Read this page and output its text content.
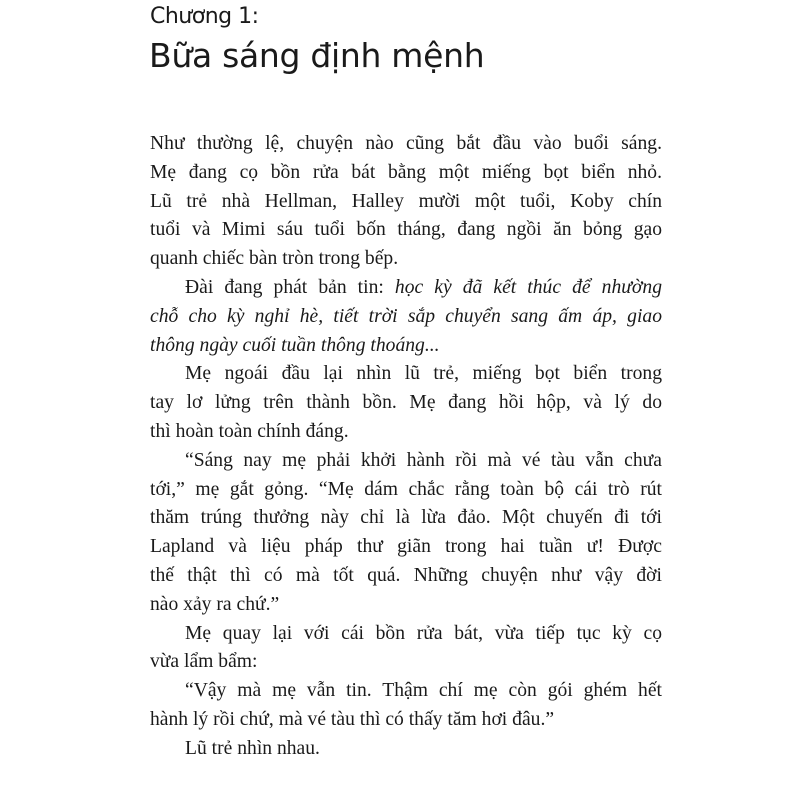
Chương 1:
Bữa sáng định mệnh
Như thường lệ, chuyện nào cũng bắt đầu vào buổi sáng.
Mẹ đang cọ bồn rửa bát bằng một miếng bọt biển nhỏ.
Lũ trẻ nhà Hellman, Halley mười một tuổi, Koby chín
tuổi và Mimi sáu tuổi bốn tháng, đang ngồi ăn bỏng gạo
quanh chiếc bàn tròn trong bếp.
Đài đang phát bản tin: học kỳ đã kết thúc để nhường
chỗ cho kỳ nghỉ hè, tiết trời sắp chuyển sang ấm áp, giao
thông ngày cuối tuần thông thoáng...
Mẹ ngoái đầu lại nhìn lũ trẻ, miếng bọt biển trong
tay lơ lửng trên thành bồn. Mẹ đang hồi hộp, và lý do
thì hoàn toàn chính đáng.
“Sáng nay mẹ phải khởi hành rồi mà vé tàu vẫn chưa
tới,” mẹ gắt gỏng. “Mẹ dám chắc rằng toàn bộ cái trò rút
thăm trúng thưởng này chỉ là lừa đảo. Một chuyến đi tới
Lapland và liệu pháp thư giãn trong hai tuần ư! Được
thế thật thì có mà tốt quá. Những chuyện như vậy đời
nào xảy ra chứ.”
Mẹ quay lại với cái bồn rửa bát, vừa tiếp tục kỳ cọ
vừa lẩm bẩm:
“Vậy mà mẹ vẫn tin. Thậm chí mẹ còn gói ghém hết
hành lý rồi chứ, mà vé tàu thì có thấy tăm hơi đâu.”
Lũ trẻ nhìn nhau.
